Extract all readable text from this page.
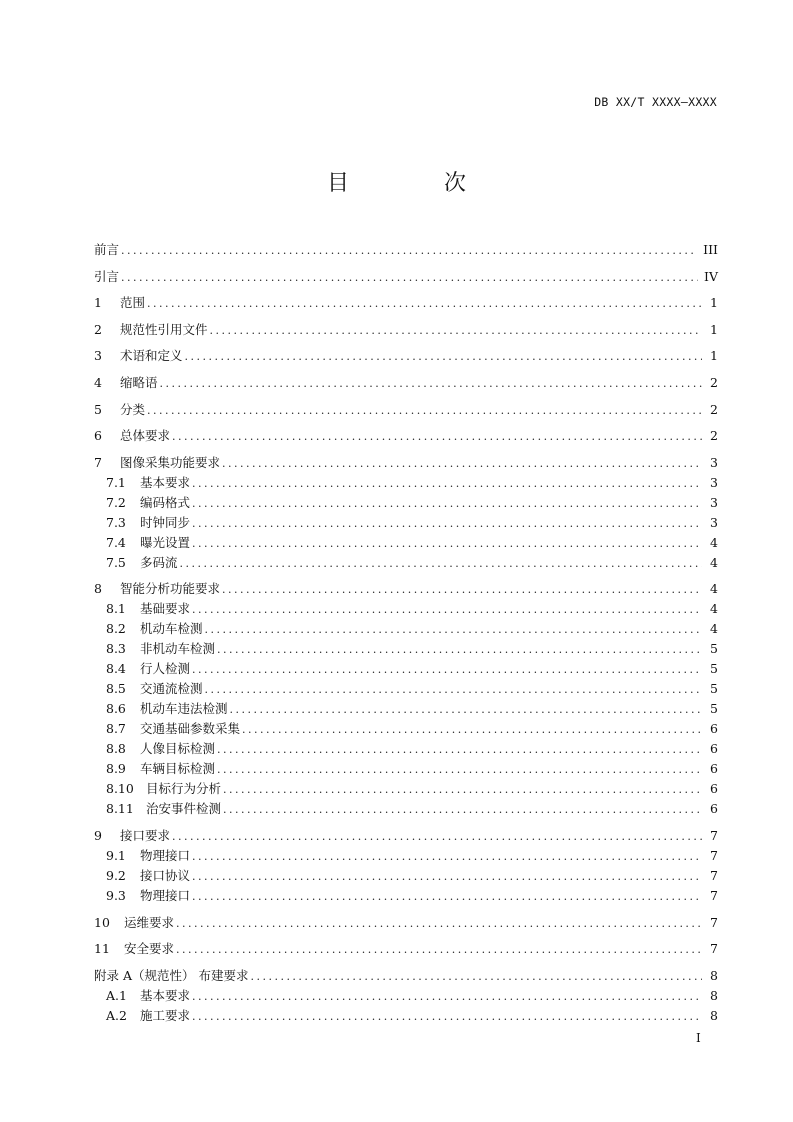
DB XX/T XXXX—XXXX
目 次
前言 . . .	III
引言 . . .	IV
1	范围 . . .	1
2	规范性引用文件 . . .	1
3	术语和定义 . . .	1
4	缩略语 . . .	2
5	分类 . . .	2
6	总体要求 . . .	2
7	图像采集功能要求 . . .	3
7.1	基本要求 . . .	3
7.2	编码格式 . . .	3
7.3	时钟同步 . . .	3
7.4	曝光设置 . . .	4
7.5	多码流 . . .	4
8	智能分析功能要求 . . .	4
8.1	基础要求 . . .	4
8.2	机动车检测 . . .	4
8.3	非机动车检测 . . .	5
8.4	行人检测 . . .	5
8.5	交通流检测 . . .	5
8.6	机动车违法检测 . . .	5
8.7	交通基础参数采集 . . .	6
8.8	人像目标检测 . . .	6
8.9	车辆目标检测 . . .	6
8.10 目标行为分析 . . .	6
8.11 治安事件检测 . . .	6
9	接口要求 . . .	7
9.1	物理接口 . . .	7
9.2	接口协议 . . .	7
9.3	物理接口 . . .	7
10	运维要求 . . .	7
11	安全要求 . . .	7
附录 A（规范性） 布建要求 . . .	8
A.1	基本要求 . . .	8
A.2	施工要求 . . .	8
I
